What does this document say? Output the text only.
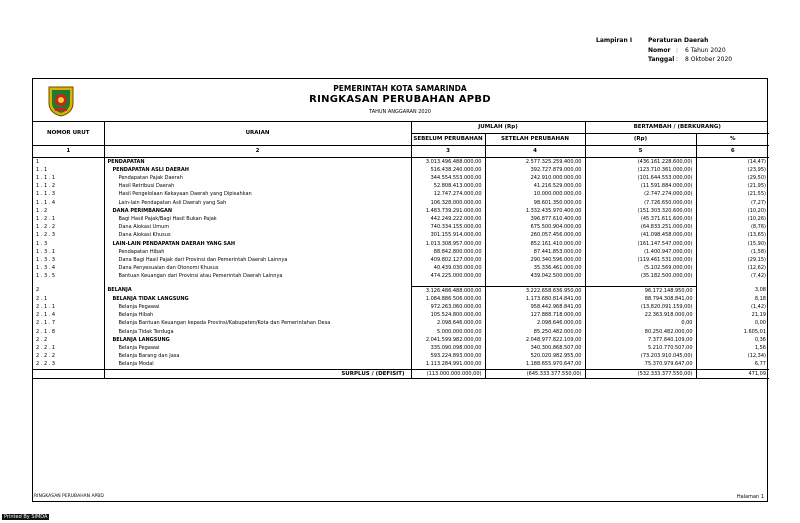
Lampiran I	Peraturan Daerah
Nomor :	6 Tahun 2020
Tanggal :	8 Oktober 2020
PEMERINTAH KOTA SAMARINDA
RINGKASAN PERUBAHAN APBD
TAHUN ANGGARAN 2020
NOMOR URUT	URAIAN	JUMLAH (Rp)		BERTAMBAH / (BERKURANG)	
		SEBELUM PERUBAHAN	SETELAH PERUBAHAN	(Rp)	%
1	2	3	4	5	6
1	PENDAPATAN	3.013.496.488.000,00	2.577.325.259.400,00	(436.161.228.600,00)	(14,47)
1 . 1	PENDAPATAN ASLI DAERAH	516.438.240.000,00	392.727.879.000,00	(123.710.361.000,00)	(23,95)
1 . 1 . 1	Pendapatan Pajak Daerah	344.554.553.000,00	242.910.000.000,00	(101.644.553.000,00)	(29,50)
1 . 1 . 2	Hasil Retribusi Daerah	52.808.413.000,00	41.216.529.000,00	(11.591.884.000,00)	(21,95)
1 . 1 . 3	Hasil Pengelolaan Kekayaan Daerah yang Dipisahkan	12.747.274.000,00	10.000.000.000,00	(2.747.274.000,00)	(21,55)
1 . 1 . 4	Lain-lain Pendapatan Asli Daerah yang Sah	106.328.000.000,00	98.601.350.000,00	(7.726.650.000,00)	(7,27)
1 . 2	DANA PERIMBANGAN	1.483.739.291.000,00	1.332.435.970.400,00	(151.303.320.600,00)	(10,20)
1 . 2 . 1	Bagi Hasil Pajak/Bagi Hasil Bukan Pajak	442.249.222.000,00	396.877.610.400,00	(45.371.611.600,00)	(10,26)
1 . 2 . 2	Dana Alokasi Umum	740.334.155.000,00	675.500.904.000,00	(64.833.251.000,00)	(8,76)
1 . 2 . 3	Dana Alokasi Khusus	301.155.914.000,00	260.057.456.000,00	(41.098.458.000,00)	(13,65)
1 . 3	LAIN-LAIN PENDAPATAN DAERAH YANG SAH	1.013.308.957.000,00	852.161.410.000,00	(161.147.547.000,00)	(15,90)
1 . 3 . 1	Pendapatan Hibah	88.842.800.000,00	87.441.853.000,00	(1.400.947.000,00)	(1,58)
1 . 3 . 3	Dana Bagi Hasil Pajak dari Provinsi dan Pemerintah Daerah Lainnya	409.802.127.000,00	290.340.596.000,00	(119.461.531.000,00)	(29,15)
1 . 3 . 4	Dana Penyesuaian dan Otonomi Khusus	40.439.030.000,00	35.336.461.000,00	(5.102.569.000,00)	(12,62)
1 . 3 . 5	Bantuan Keuangan dari Provinsi atau Pemerintah Daerah Lainnya	474.225.000.000,00	439.042.500.000,00	(35.182.500.000,00)	(7,42)

2	BELANJA	3.126.486.488.000,00	3.222.658.636.950,00	96.172.148.950,00	3,08
2 . 1	BELANJA TIDAK LANGSUNG	1.084.886.506.000,00	1.173.680.814.841,00	88.794.308.841,00	8,18
2 . 1 . 1	Belanja Pegawai	972.263.060.000,00	958.442.968.841,00	(13.820.091.159,00)	(1,42)
2 . 1 . 4	Belanja Hibah	105.524.800.000,00	127.888.718.000,00	22.363.918.000,00	21,19
2 . 1 . 7	Belanja Bantuan Keuangan kepada Provinsi/Kabupaten/Kota dan Pemerintahan Desa	2.098.646.000,00	2.098.646.000,00	0,00	0,00
2 . 1 . 8	Belanja Tidak Terduga	5.000.000.000,00	85.250.482.000,00	80.250.482.000,00	1.605,01
2 . 2	BELANJA LANGSUNG	2.041.599.982.000,00	2.048.977.822.109,00	7.377.840.109,00	0,36
2 . 2 . 1	Belanja Pegawai	335.090.098.000,00	340.300.868.507,00	5.210.770.507,00	1,56
2 . 2 . 2	Belanja Barang dan Jasa	593.224.893.000,00	520.020.982.955,00	(73.203.910.045,00)	(12,34)
2 . 2 . 3	Belanja Modal	1.113.284.991.000,00	1.188.655.970.647,00	75.370.979.647,00	6,77
	SURPLUS / (DEFISIT)	(113.000.000.000,00)	(645.333.377.550,00)	(532.333.377.550,00)	471,09
RINGKASAN PERUBAHAN APBD	Halaman 1
Printed By SIMDA
